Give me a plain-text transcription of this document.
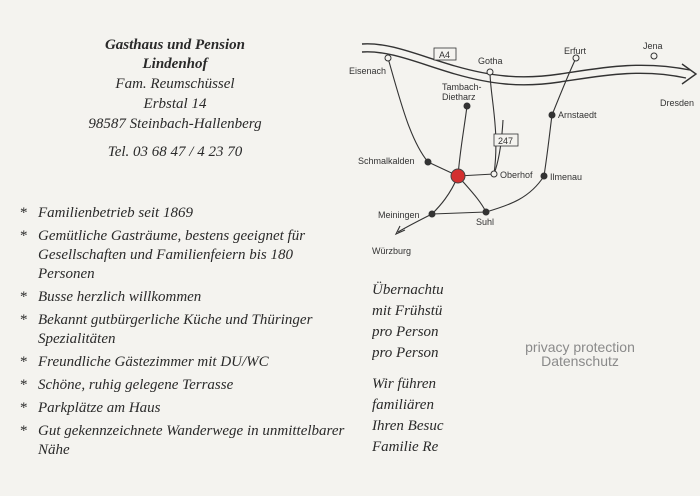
Gasthaus und Pension
Lindenhof
Fam. Reumschüssel
Erbstal 14
98587 Steinbach-Hallenberg
Tel. 03 68 47 / 4 23 70
* Familienbetrieb seit 1869
* Gemütliche Gasträume, bestens geeignet für Gesellschaften und Familienfeiern bis 180 Personen
* Busse herzlich willkommen
* Bekannt gutbürgerliche Küche und Thüringer Spezialitäten
* Freundliche Gästezimmer mit DU/WC
* Schöne, ruhig gelegene Terrasse
* Parkplätze am Haus
* Gut gekennzeichnete Wanderwege in unmittelbarer Nähe
A4
247
Eisenach
Gotha
Erfurt	Jena
Dresden
Tambach-
Dietharz
Arnstaedt
Schmalkalden
Oberhof Ilmenau
Meiningen
Suhl
Würzburg
Übernachtu
mit Frühstü
pro Person
pro Person
Wir führen
familiären
Ihren Besuc
Familie Re
privacy protection
Datenschutz
